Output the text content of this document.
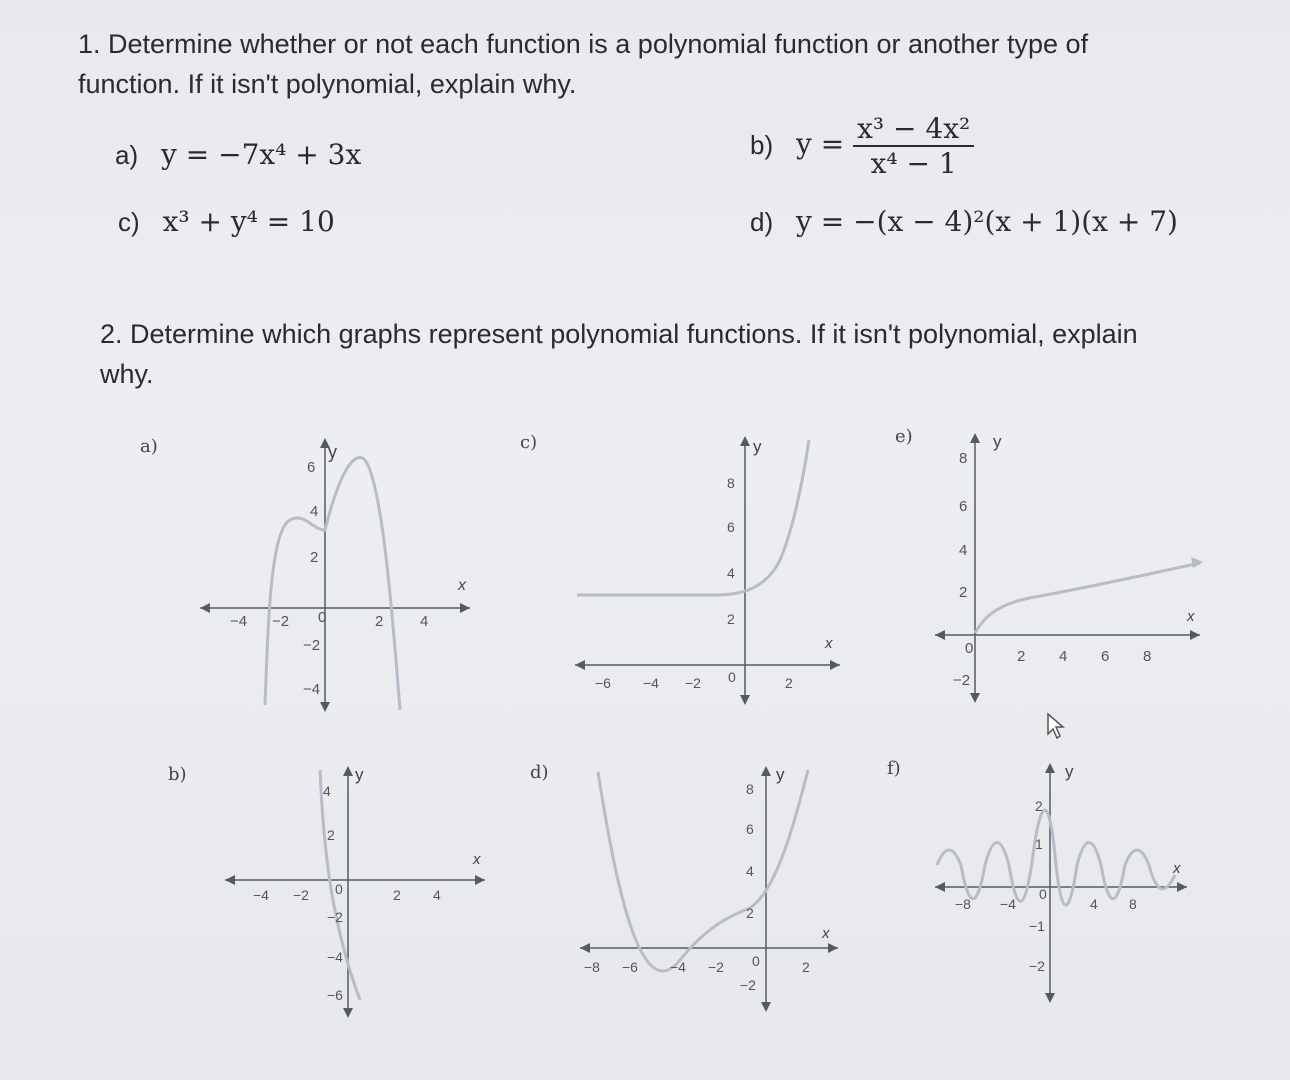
1. Determine whether or not each function is a polynomial function or another type of
function. If it isn't polynomial, explain why.
a) y = −7x⁴ + 3x	b) $y = \frac{\text{x³ − 4x²}}{\text{x⁴ − 1}}$
c) x³ + y⁴ = 10	d) y = −(x − 4)²(x + 1)(x + 7)
2. Determine which graphs represent polynomial functions. If it isn't polynomial, explain
why.
a)
b)
c)
d)
e)
f)
y
x
−4 −2 0	2 4
6
4
2
−2
−4
y
x
−4 −2 0	2 4
4
2
−2
−4
−6
y
x
−6 −4 −2 0	2
8
6
4
2
y
x
−8 −6 −4 −2 0	2
8
6
4
2
−2
y
x
0	2 4 6 8
8
6
4
2
−2
y
x
−8 −4
0
4 8
2
1
−1
−2
